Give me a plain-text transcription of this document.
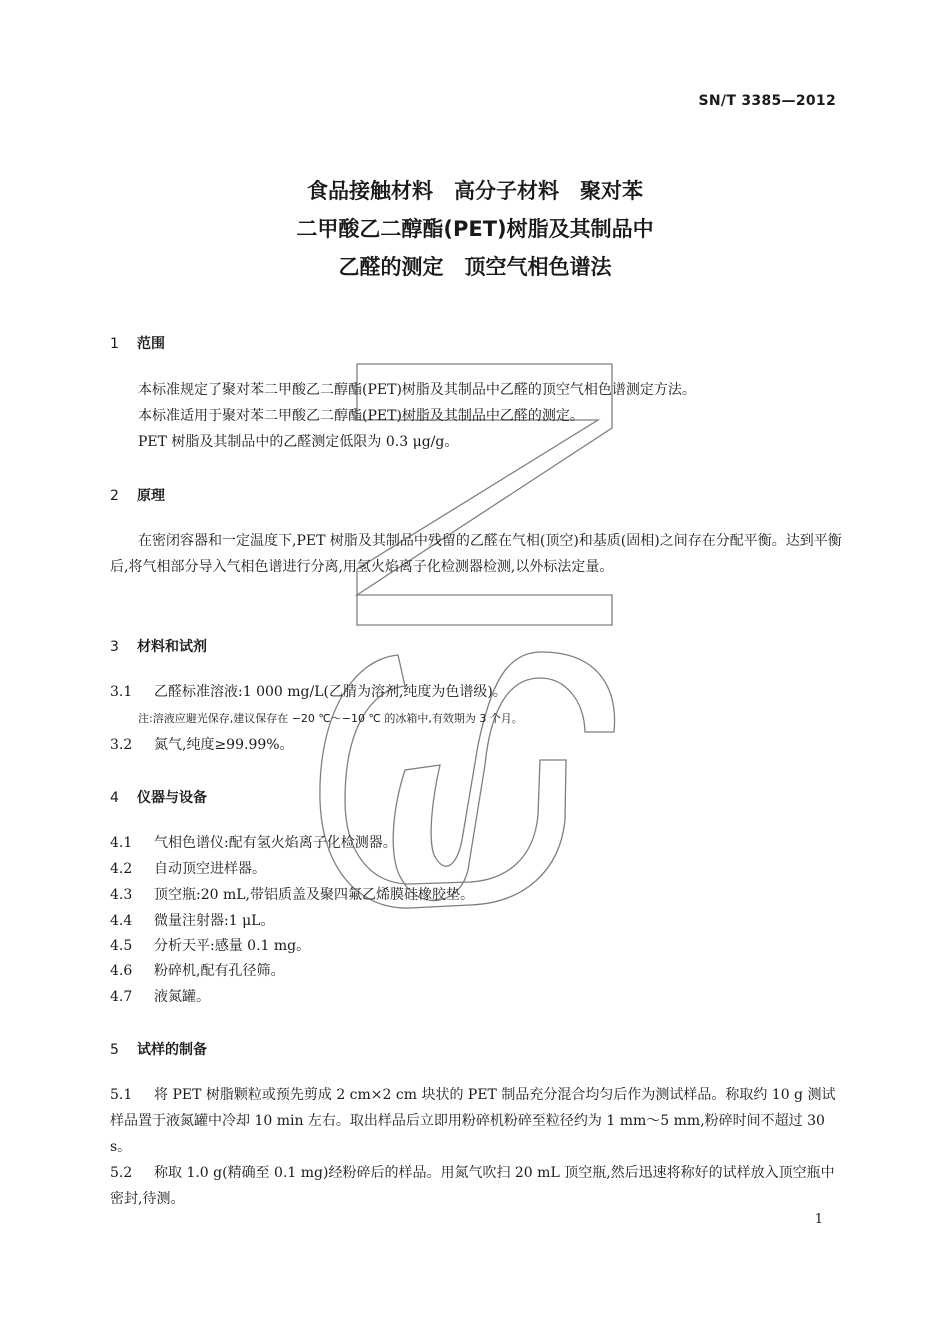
SN/T 3385—2012
食品接触材料　高分子材料　聚对苯
二甲酸乙二醇酯(PET)树脂及其制品中
乙醛的测定　顶空气相色谱法
1 范围
本标准规定了聚对苯二甲酸乙二醇酯(PET)树脂及其制品中乙醛的顶空气相色谱测定方法。
本标准适用于聚对苯二甲酸乙二醇酯(PET)树脂及其制品中乙醛的测定。
PET 树脂及其制品中的乙醛测定低限为 0.3 μg/g。
2 原理
在密闭容器和一定温度下,PET 树脂及其制品中残留的乙醛在气相(顶空)和基质(固相)之间存在分配平衡。达到平衡后,将气相部分导入气相色谱进行分离,用氢火焰离子化检测器检测,以外标法定量。
3 材料和试剂
3.1 乙醛标准溶液:1 000 mg/L(乙腈为溶剂,纯度为色谱级)。
注:溶液应避光保存,建议保存在 −20 ℃～−10 ℃ 的冰箱中,有效期为 3 个月。
3.2 氮气,纯度≥99.99%。
4 仪器与设备
4.1 气相色谱仪:配有氢火焰离子化检测器。
4.2 自动顶空进样器。
4.3 顶空瓶:20 mL,带铝质盖及聚四氟乙烯膜硅橡胶垫。
4.4 微量注射器:1 μL。
4.5 分析天平:感量 0.1 mg。
4.6 粉碎机,配有孔径筛。
4.7 液氮罐。
5 试样的制备
5.1 将 PET 树脂颗粒或预先剪成 2 cm×2 cm 块状的 PET 制品充分混合均匀后作为测试样品。称取约 10 g 测试样品置于液氮罐中冷却 10 min 左右。取出样品后立即用粉碎机粉碎至粒径约为 1 mm～5 mm,粉碎时间不超过 30 s。
5.2 称取 1.0 g(精确至 0.1 mg)经粉碎后的样品。用氮气吹扫 20 mL 顶空瓶,然后迅速将称好的试样放入顶空瓶中密封,待测。
1
